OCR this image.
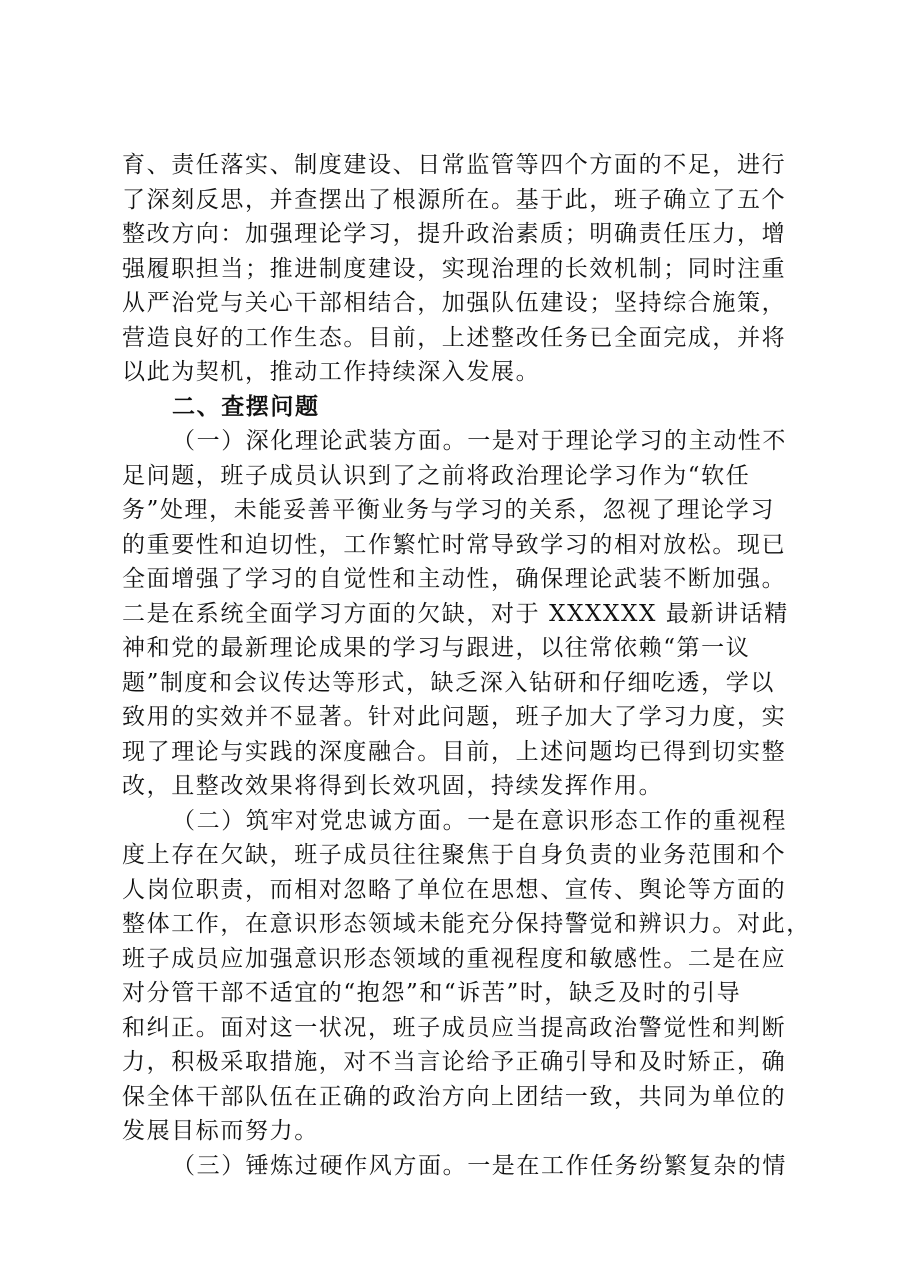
育、责任落实、制度建设、日常监管等四个方面的不足，进行
了深刻反思，并查摆出了根源所在。基于此，班子确立了五个
整改方向：加强理论学习，提升政治素质；明确责任压力，增
强履职担当；推进制度建设，实现治理的长效机制；同时注重
从严治党与关心干部相结合，加强队伍建设；坚持综合施策，
营造良好的工作生态。目前，上述整改任务已全面完成，并将
以此为契机，推动工作持续深入发展。
二、查摆问题
（一）深化理论武装方面。一是对于理论学习的主动性不
足问题，班子成员认识到了之前将政治理论学习作为“软任
务”处理，未能妥善平衡业务与学习的关系，忽视了理论学习
的重要性和迫切性，工作繁忙时常导致学习的相对放松。现已
全面增强了学习的自觉性和主动性，确保理论武装不断加强。
二是在系统全面学习方面的欠缺，对于 XXXXXX 最新讲话精
神和党的最新理论成果的学习与跟进，以往常依赖“第一议
题”制度和会议传达等形式，缺乏深入钻研和仔细吃透，学以
致用的实效并不显著。针对此问题，班子加大了学习力度，实
现了理论与实践的深度融合。目前，上述问题均已得到切实整
改，且整改效果将得到长效巩固，持续发挥作用。
（二）筑牢对党忠诚方面。一是在意识形态工作的重视程
度上存在欠缺，班子成员往往聚焦于自身负责的业务范围和个
人岗位职责，而相对忽略了单位在思想、宣传、舆论等方面的
整体工作，在意识形态领域未能充分保持警觉和辨识力。对此，
班子成员应加强意识形态领域的重视程度和敏感性。二是在应
对分管干部不适宜的“抱怨”和“诉苦”时，缺乏及时的引导
和纠正。面对这一状况，班子成员应当提高政治警觉性和判断
力，积极采取措施，对不当言论给予正确引导和及时矫正，确
保全体干部队伍在正确的政治方向上团结一致，共同为单位的
发展目标而努力。
（三）锤炼过硬作风方面。一是在工作任务纷繁复杂的情
